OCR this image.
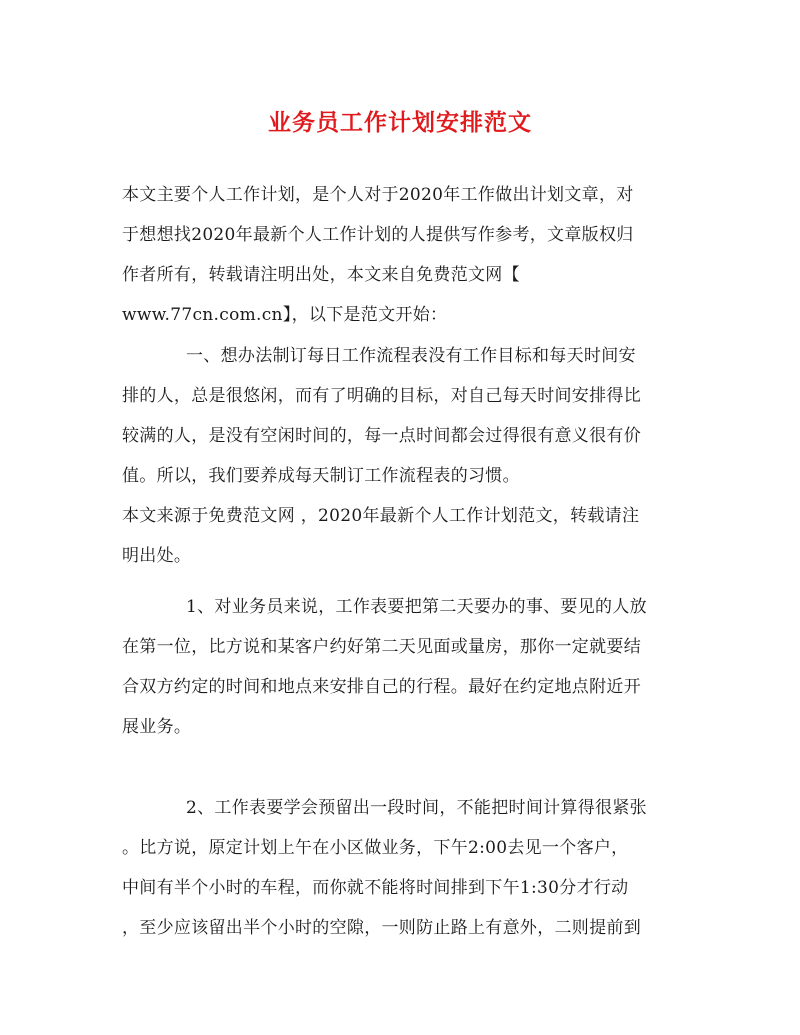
业务员工作计划安排范文
本文主要个人工作计划，是个人对于2020年工作做出计划文章，对
于想想找2020年最新个人工作计划的人提供写作参考，文章版权归
作者所有，转载请注明出处，本文来自免费范文网【
www.77cn.com.cn】，以下是范文开始：
一、想办法制订每日工作流程表没有工作目标和每天时间安
排的人，总是很悠闲，而有了明确的目标，对自己每天时间安排得比
较满的人，是没有空闲时间的，每一点时间都会过得很有意义很有价
值。所以，我们要养成每天制订工作流程表的习惯。
本文来源于免费范文网 ，2020年最新个人工作计划范文，转载请注
明出处。
1、对业务员来说，工作表要把第二天要办的事、要见的人放
在第一位，比方说和某客户约好第二天见面或量房，那你一定就要结
合双方约定的时间和地点来安排自己的行程。最好在约定地点附近开
展业务。
2、工作表要学会预留出一段时间，不能把时间计算得很紧张
。比方说，原定计划上午在小区做业务，下午2:00去见一个客户，
中间有半个小时的车程，而你就不能将时间排到下午1:30分才行动
，至少应该留出半个小时的空隙，一则防止路上有意外，二则提前到
